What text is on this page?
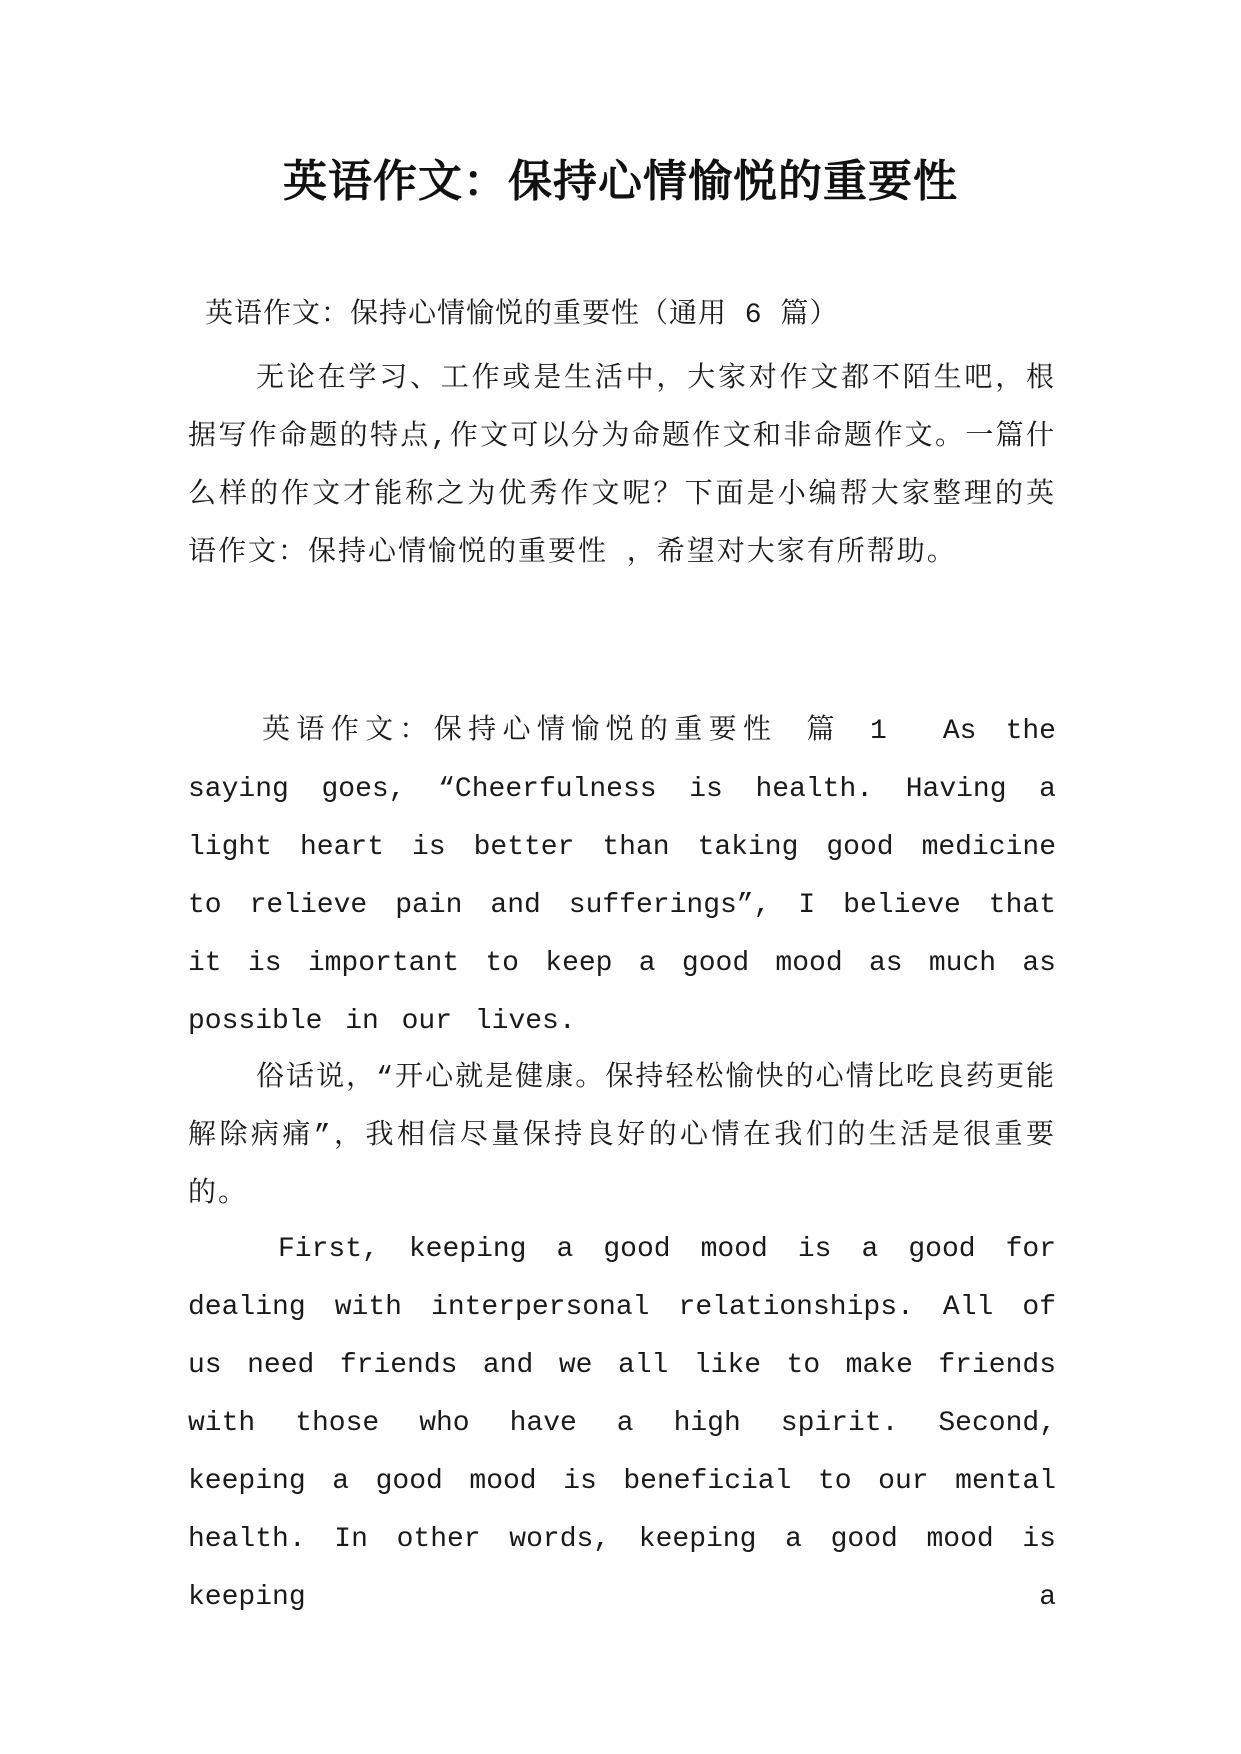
英语作文：保持心情愉悦的重要性
英语作文：保持心情愉悦的重要性（通用 6 篇）

无论在学习、工作或是生活中，大家对作文都不陌生吧，根据写作命题的特点,作文可以分为命题作文和非命题作文。一篇什么样的作文才能称之为优秀作文呢？下面是小编帮大家整理的英语作文：保持心情愉悦的重要性 ，希望对大家有所帮助。

英语作文：保持心情愉悦的重要性 篇 1 As the saying goes, “Cheerfulness is health. Having a light heart is better than taking good medicine to relieve pain and sufferings”, I believe that it is important to keep a good mood as much as possible in our lives.

俗话说，“开心就是健康。保持轻松愉快的心情比吃良药更能解除病痛”，我相信尽量保持良好的心情在我们的生活是很重要的。

First, keeping a good mood is a good for dealing with interpersonal relationships. All of us need friends and we all like to make friends with those who have a high spirit. Second, keeping a good mood is beneficial to our mental health. In other words, keeping a good mood is keeping a
